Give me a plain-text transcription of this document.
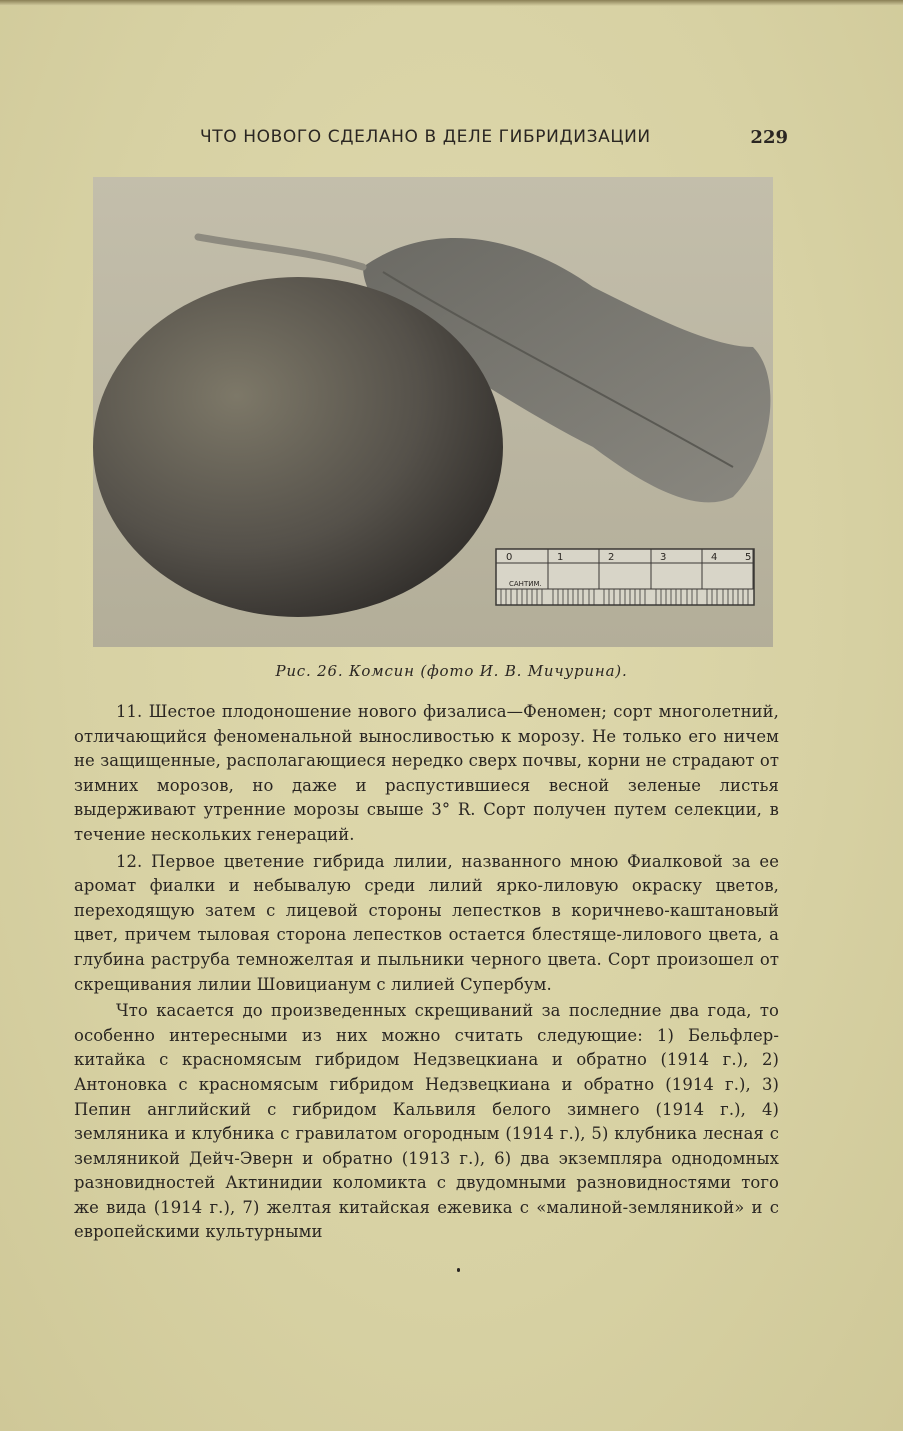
ЧТО НОВОГО СДЕЛАНО В ДЕЛЕ ГИБРИДИЗАЦИИ	229
0	1	2	3	4	5
САНТИМ.
Рис. 26. Комсин (фото И. В. Мичурина).

11. Шестое плодоношение нового физалиса—Феномен; сорт многолетний, отличающийся феноменальной выносливостью к морозу. Не только его ничем не защищенные, располагающиеся нередко сверх почвы, корни не страдают от зимних морозов, но даже и распустившиеся весной зеленые листья выдерживают утренние морозы свыше 3° R. Сорт получен путем селекции, в течение нескольких генераций.

12. Первое цветение гибрида лилии, названного мною Фиалковой за ее аромат фиалки и небывалую среди лилий ярко-лиловую окраску цветов, переходящую затем с лицевой стороны лепестков в коричнево-каштановый цвет, причем тыловая сторона лепестков остается блестяще-лилового цвета, а глубина раструба темножелтая и пыльники черного цвета. Сорт произошел от скрещивания лилии Шовицианум с лилией Супербум.

Что касается до произведенных скрещиваний за последние два года, то особенно интересными из них можно считать следующие: 1) Бельфлер-китайка с красномясым гибридом Недзвецкиана и обратно (1914 г.), 2) Антоновка с красномясым гибридом Недзвецкиана и обратно (1914 г.), 3) Пепин английский с гибридом Кальвиля белого зимнего (1914 г.), 4) земляника и клубника с гравилатом огородным (1914 г.), 5) клубника лесная с земляникой Дейч-Эверн и обратно (1913 г.), 6) два экземпляра однодомных разновидностей Актинидии коломикта с двудомными разновидностями того же вида (1914 г.), 7) желтая китайская ежевика с «малиной-земляникой» и с европейскими культурными
